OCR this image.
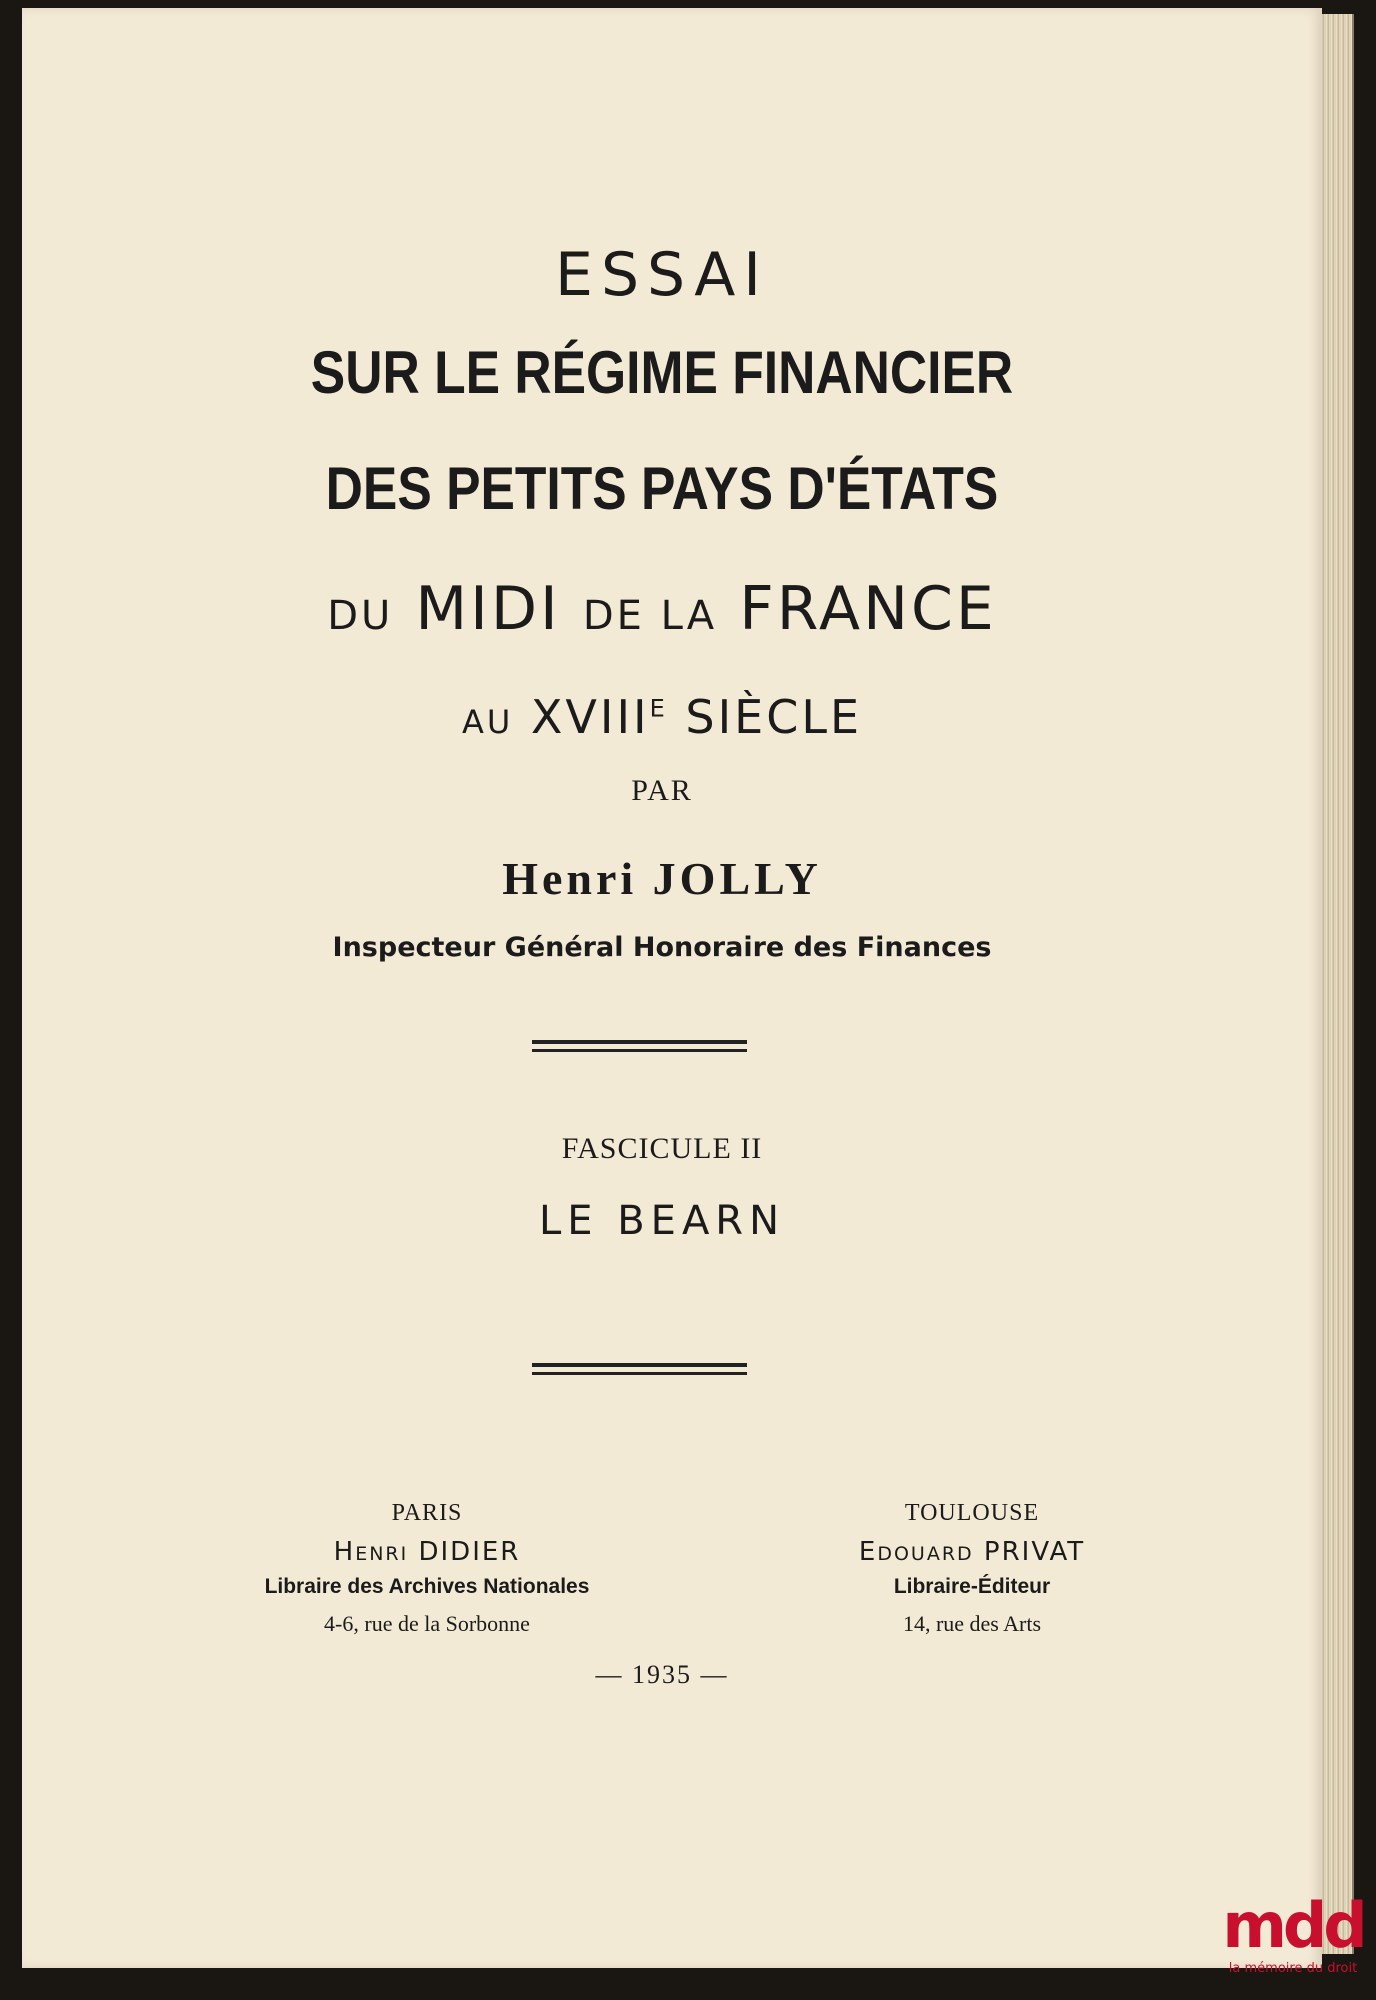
ESSAI
SUR LE RÉGIME FINANCIER
DES PETITS PAYS D'ÉTATS
DU MIDI DE LA FRANCE
AU $XVIII^E$ SIÈCLE
PAR
Henri JOLLY
Inspecteur Général Honoraire des Finances
FASCICULE II
LE BEARN
PARIS
HENRI DIDIER
Libraire des Archives Nationales
4-6, rue de la Sorbonne
TOULOUSE
EDOUARD PRIVAT
Libraire-Éditeur
14, rue des Arts
— 1935 —
mdd
la mémoire du droit
